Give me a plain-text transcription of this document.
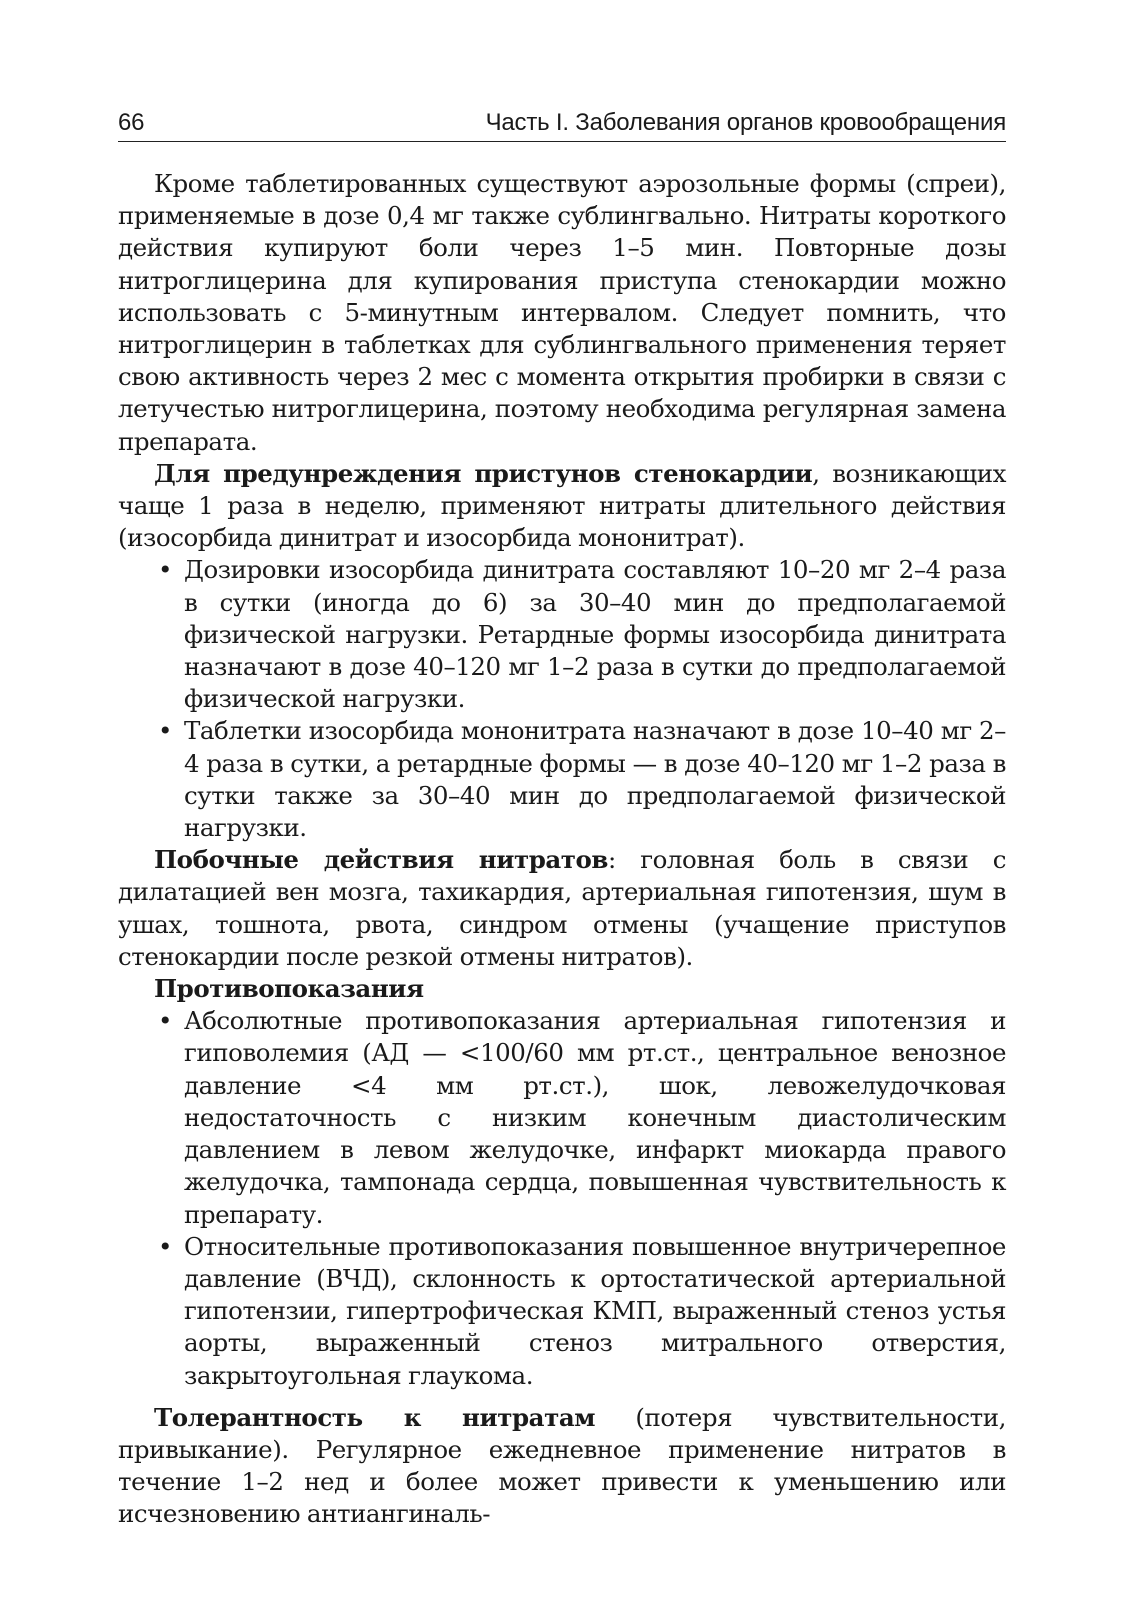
66	Часть I. Заболевания органов кровообращения

Кроме таблетированных существуют аэрозольные формы (спреи), применяемые в дозе 0,4 мг также сублингвально. Нитраты короткого действия купируют боли через 1–5 мин. Повторные дозы нитроглицерина для купирования приступа стенокардии можно использовать с 5-минутным интервалом. Следует помнить, что нитроглицерин в таблетках для сублингвального применения теряет свою активность через 2 мес с момента открытия пробирки в связи с летучестью нитроглицерина, поэтому необходима регулярная замена препарата.

Для предунреждения пристунов стенокардии, возникающих чаще 1 раза в неделю, применяют нитраты длительного действия (изосорбида динитрат и изосорбида мононитрат).

• Дозировки изосорбида динитрата составляют 10–20 мг 2–4 раза в сутки (иногда до 6) за 30–40 мин до предполагаемой физической нагрузки. Ретардные формы изосорбида динитрата назначают в дозе 40–120 мг 1–2 раза в сутки до предполагаемой физической нагрузки.
• Таблетки изосорбида мононитрата назначают в дозе 10–40 мг 2–4 раза в сутки, а ретардные формы — в дозе 40–120 мг 1–2 раза в сутки также за 30–40 мин до предполагаемой физической нагрузки.

Побочные действия нитратов: головная боль в связи с дилатацией вен мозга, тахикардия, артериальная гипотензия, шум в ушах, тошнота, рвота, синдром отмены (учащение приступов стенокардии после резкой отмены нитратов).

Противопоказания
• Абсолютные противопоказания артериальная гипотензия и гиповолемия (АД — <100/60 мм рт.ст., центральное венозное давление <4 мм рт.ст.), шок, левожелудочковая недостаточность с низким конечным диастолическим давлением в левом желудочке, инфаркт миокарда правого желудочка, тампонада сердца, повышенная чувствительность к препарату.
• Относительные противопоказания повышенное внутричерепное давление (ВЧД), склонность к ортостатической артериальной гипотензии, гипертрофическая КМП, выраженный стеноз устья аорты, выраженный стеноз митрального отверстия, закрытоугольная глаукома.

Толерантность к нитратам (потеря чувствительности, привыкание). Регулярное ежедневное применение нитратов в течение 1–2 нед и более может привести к уменьшению или исчезновению антиангиналь-
